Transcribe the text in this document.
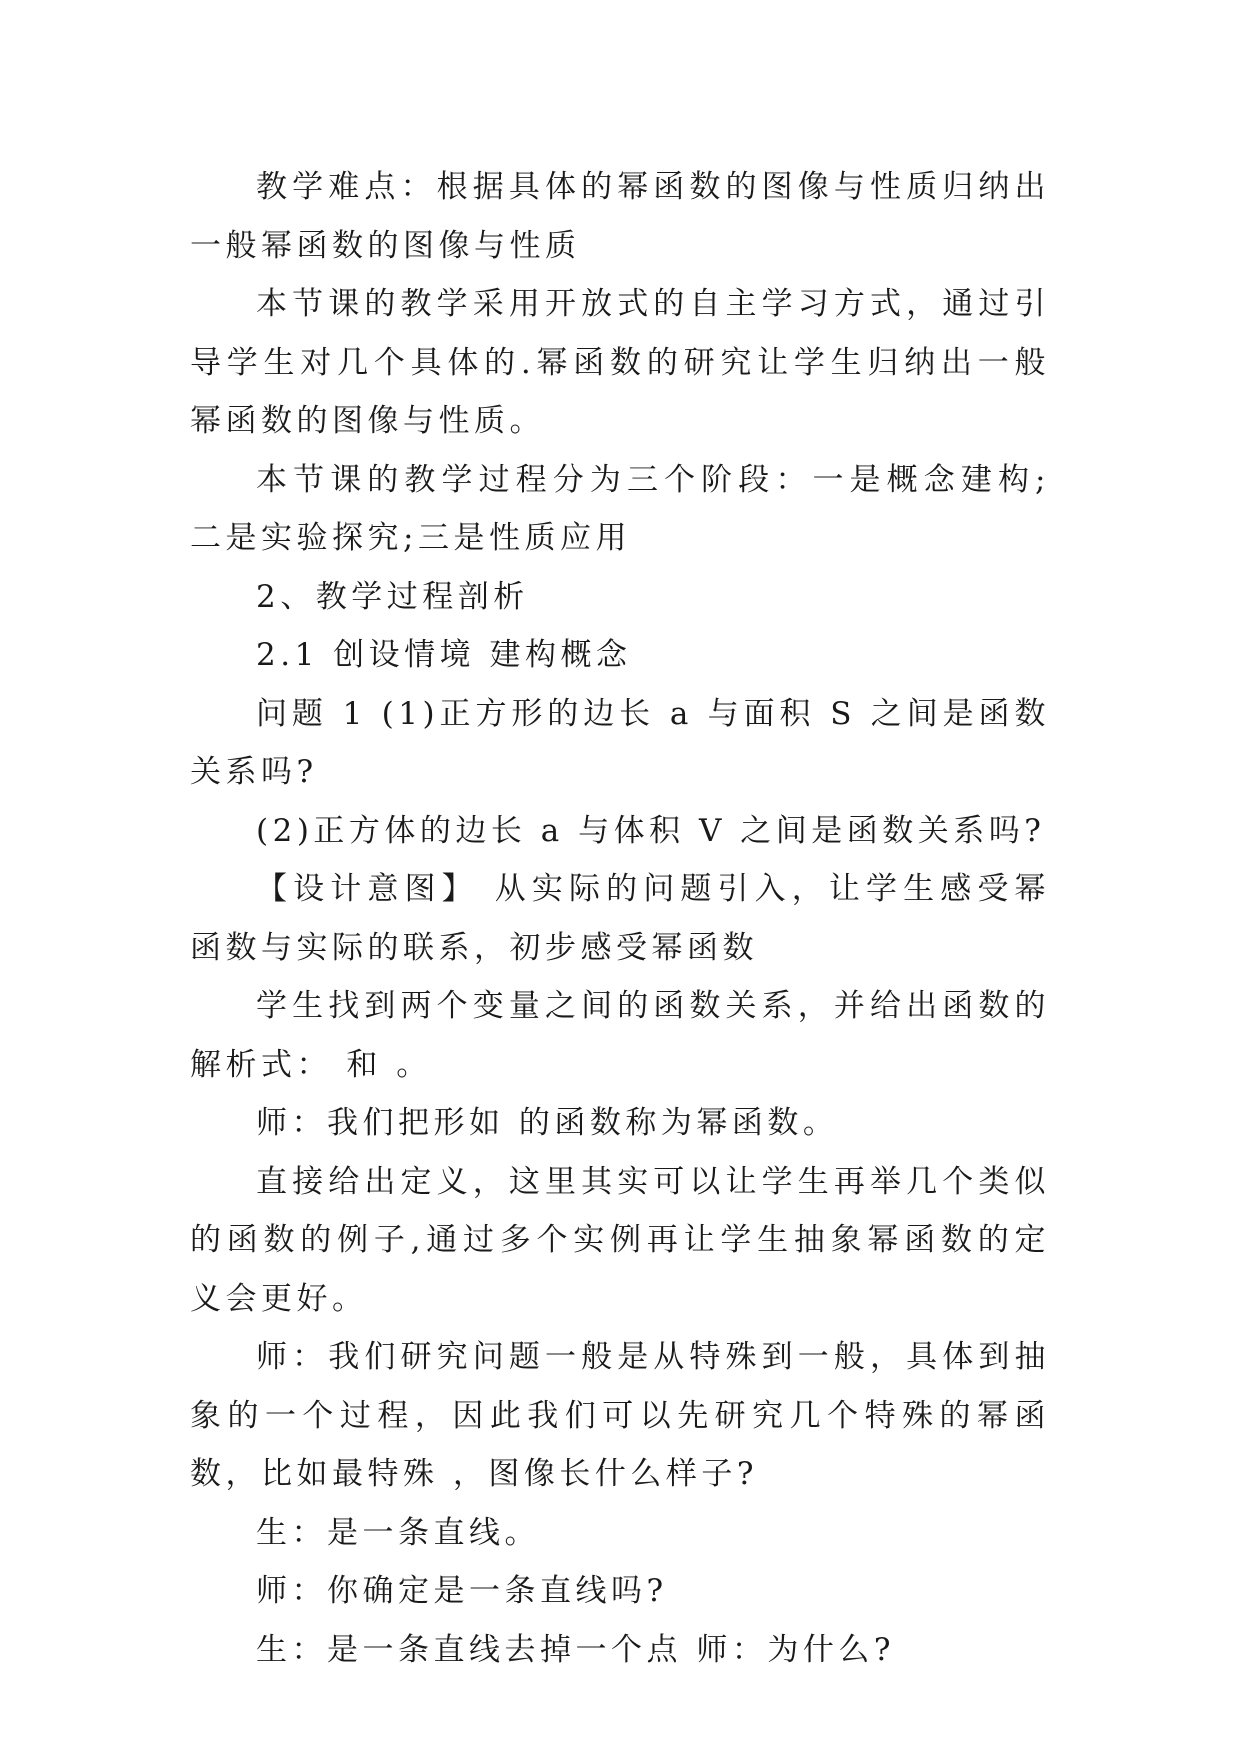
教学难点：根据具体的幂函数的图像与性质归纳出一般幂函数的图像与性质

本节课的教学采用开放式的自主学习方式，通过引导学生对几个具体的.幂函数的研究让学生归纳出一般幂函数的图像与性质。

本节课的教学过程分为三个阶段：一是概念建构;二是实验探究;三是性质应用

2、教学过程剖析

2.1 创设情境 建构概念

问题 1 (1)正方形的边长 a 与面积 S 之间是函数关系吗?

(2)正方体的边长 a 与体积 V 之间是函数关系吗?

【设计意图】 从实际的问题引入，让学生感受幂函数与实际的联系，初步感受幂函数

学生找到两个变量之间的函数关系，并给出函数的解析式： 和 。

师：我们把形如 的函数称为幂函数。

直接给出定义，这里其实可以让学生再举几个类似的函数的例子,通过多个实例再让学生抽象幂函数的定义会更好。

师：我们研究问题一般是从特殊到一般，具体到抽象的一个过程，因此我们可以先研究几个特殊的幂函数，比如最特殊 ，图像长什么样子?

生：是一条直线。

师：你确定是一条直线吗?

生：是一条直线去掉一个点 师：为什么?
